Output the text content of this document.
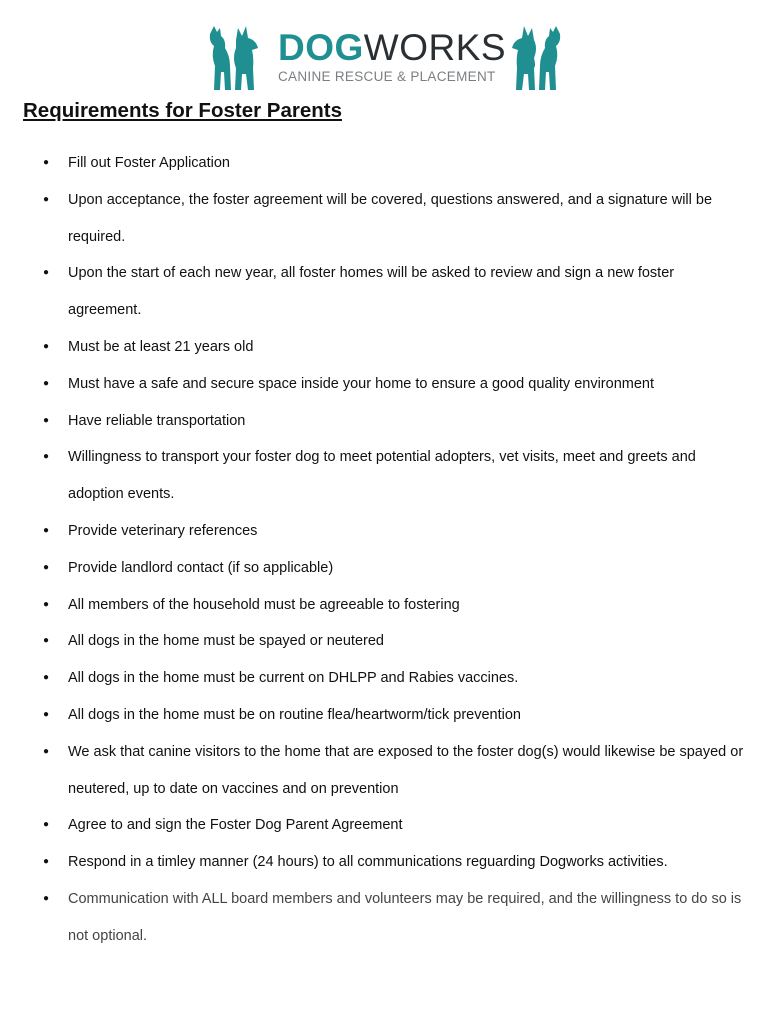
DOGWORKS
CANINE RESCUE & PLACEMENT
Requirements for Foster Parents
● Fill out Foster Application
● Upon acceptance, the foster agreement will be covered, questions answered, and a signature will be required.
● Upon the start of each new year, all foster homes will be asked to review and sign a new foster agreement.
● Must be at least 21 years old
● Must have a safe and secure space inside your home to ensure a good quality environment
● Have reliable transportation
● Willingness to transport your foster dog to meet potential adopters, vet visits, meet and greets and adoption events.
● Provide veterinary references
● Provide landlord contact (if so applicable)
● All members of the household must be agreeable to fostering
● All dogs in the home must be spayed or neutered
● All dogs in the home must be current on DHLPP and Rabies vaccines.
● All dogs in the home must be on routine flea/heartworm/tick prevention
● We ask that canine visitors to the home that are exposed to the foster dog(s) would likewise be spayed or neutered, up to date on vaccines and on prevention
● Agree to and sign the Foster Dog Parent Agreement
● Respond in a timley manner (24 hours) to all communications reguarding Dogworks activities.
● Communication with ALL board members and volunteers may be required, and the willingness to do so is not optional.
